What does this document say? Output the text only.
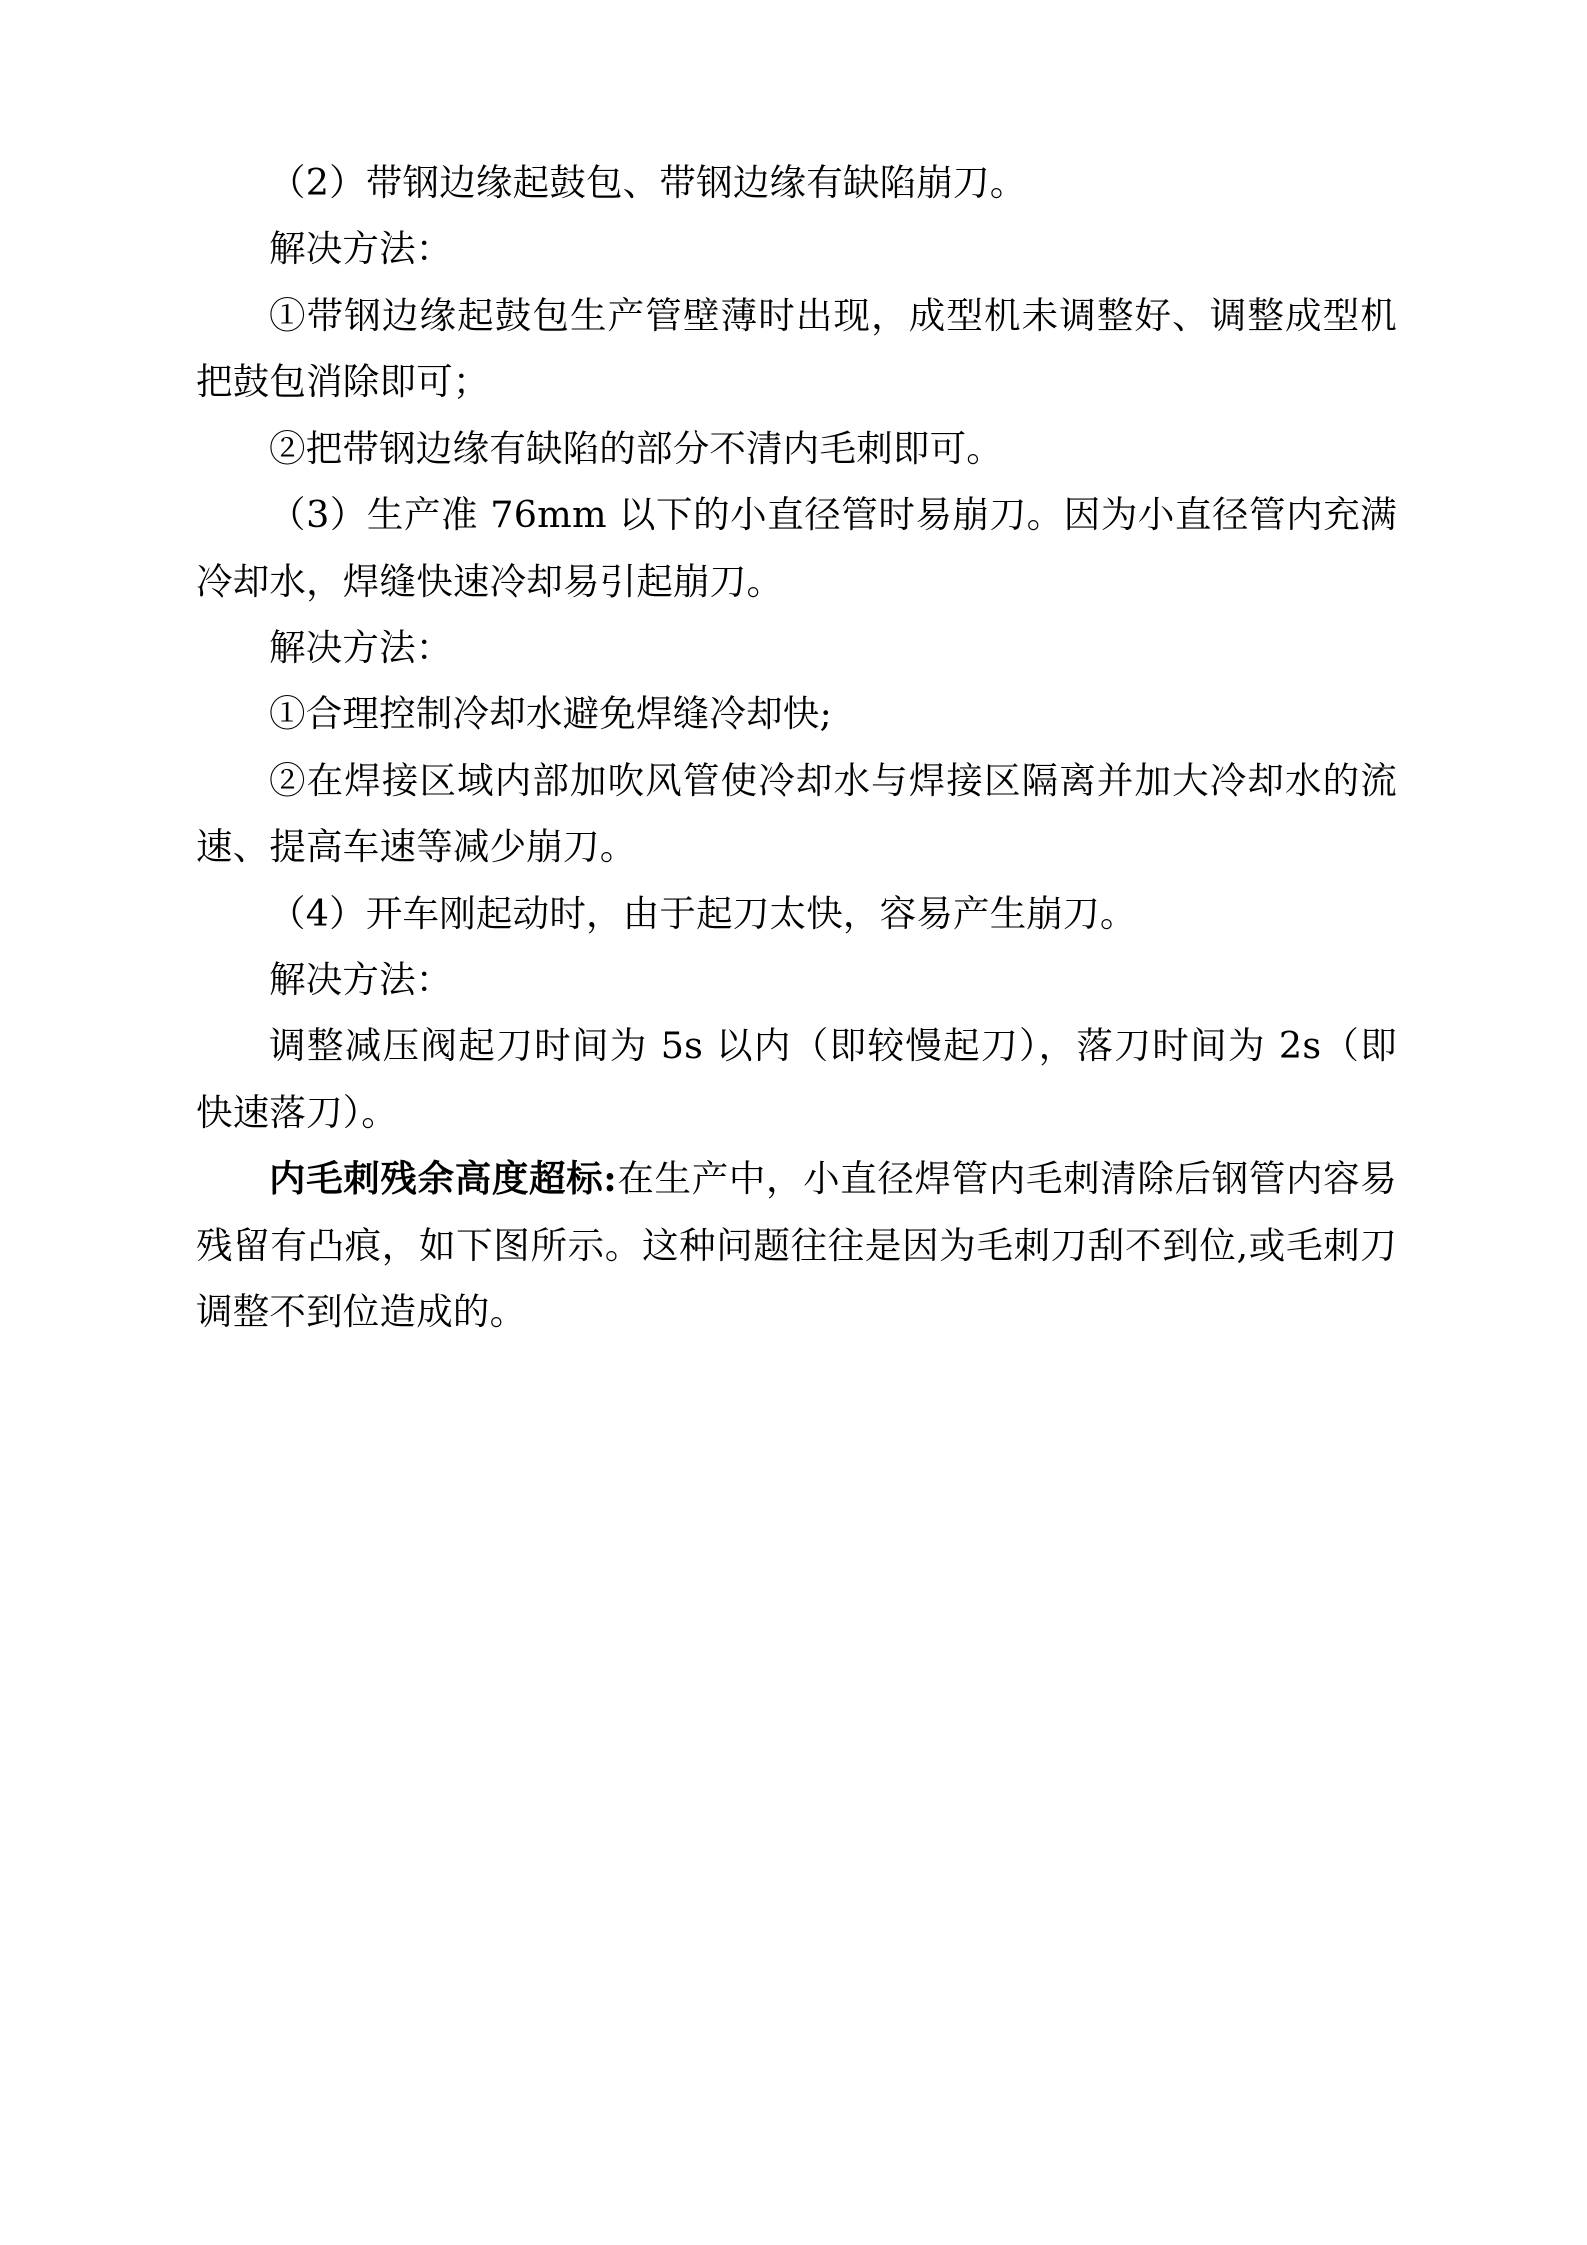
（2）带钢边缘起鼓包、带钢边缘有缺陷崩刀。

解决方法：

①带钢边缘起鼓包生产管壁薄时出现，成型机未调整好、调整成型机把鼓包消除即可；

②把带钢边缘有缺陷的部分不清内毛刺即可。

（3）生产准 76mm 以下的小直径管时易崩刀。因为小直径管内充满冷却水，焊缝快速冷却易引起崩刀。

解决方法：

①合理控制冷却水避免焊缝冷却快;

②在焊接区域内部加吹风管使冷却水与焊接区隔离并加大冷却水的流速、提高车速等减少崩刀。

（4）开车刚起动时，由于起刀太快，容易产生崩刀。

解决方法：

调整减压阀起刀时间为 5s 以内（即较慢起刀），落刀时间为 2s（即快速落刀）。

内毛刺残余高度超标:在生产中，小直径焊管内毛刺清除后钢管内容易残留有凸痕，如下图所示。这种问题往往是因为毛刺刀刮不到位,或毛刺刀调整不到位造成的。
